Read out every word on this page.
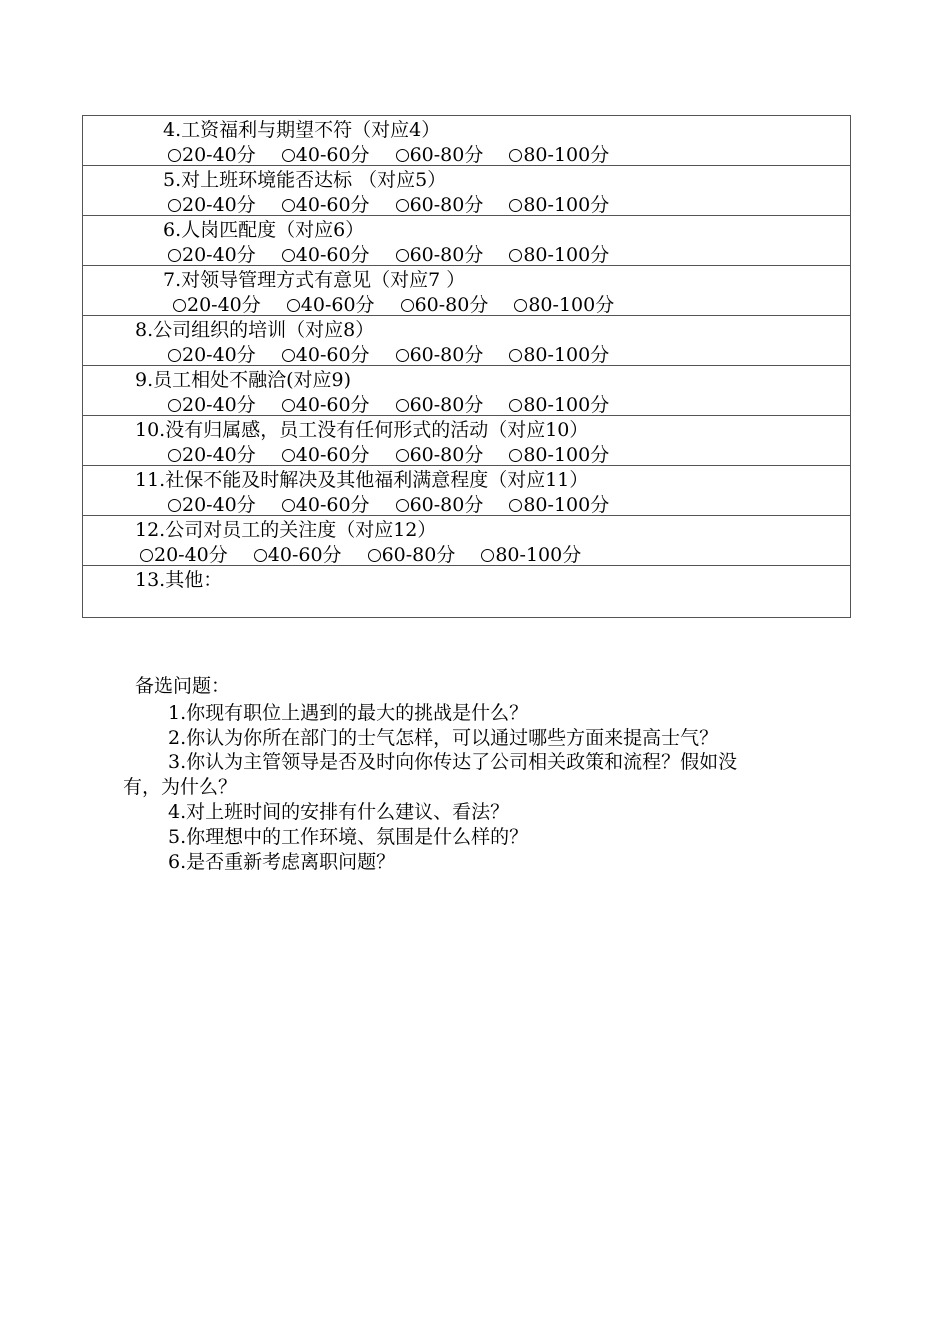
4.工资福利与期望不符（对应4）
20-40分 40-60分 60-80分 80-100分
5.对上班环境能否达标 （对应5）
20-40分 40-60分 60-80分 80-100分
6.人岗匹配度（对应6）
20-40分 40-60分 60-80分 80-100分
7.对领导管理方式有意见（对应7 ）
20-40分 40-60分 60-80分 80-100分
8.公司组织的培训（对应8）
20-40分 40-60分 60-80分 80-100分
9.员工相处不融洽(对应9)
20-40分 40-60分 60-80分 80-100分
10.没有归属感，员工没有任何形式的活动（对应10）
20-40分 40-60分 60-80分 80-100分
11.社保不能及时解决及其他福利满意程度（对应11）
20-40分 40-60分 60-80分 80-100分
12.公司对员工的关注度（对应12）
20-40分 40-60分 60-80分 80-100分
13.其他：
备选问题：
1.你现有职位上遇到的最大的挑战是什么？
2.你认为你所在部门的士气怎样，可以通过哪些方面来提高士气？
3.你认为主管领导是否及时向你传达了公司相关政策和流程？假如没
有，为什么？
4.对上班时间的安排有什么建议、看法？
5.你理想中的工作环境、氛围是什么样的？
6.是否重新考虑离职问题？
